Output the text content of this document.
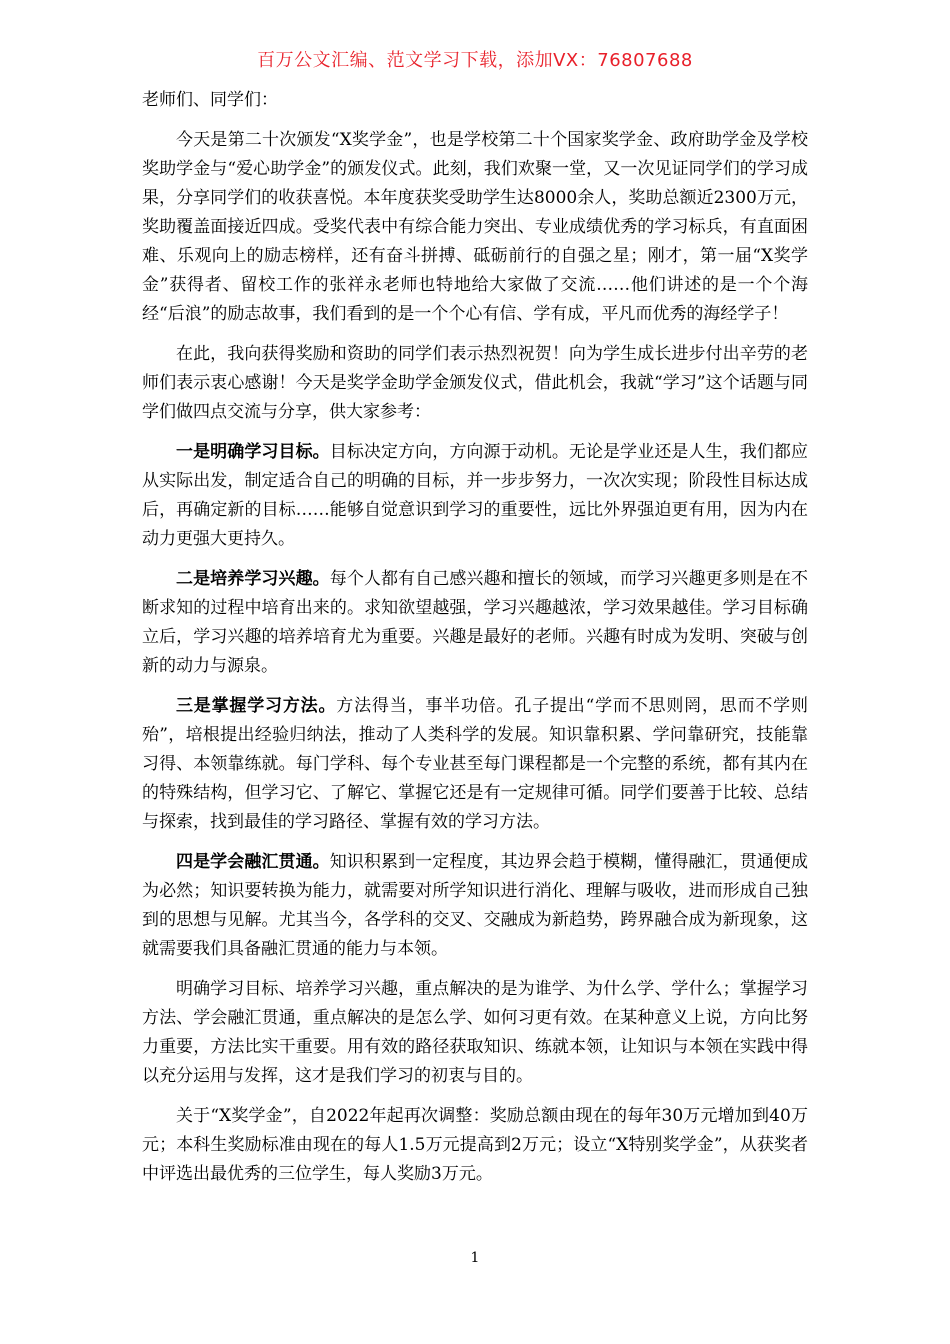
百万公文汇编、范文学习下载，添加VX：76807688
老师们、同学们：

今天是第二十次颁发“X奖学金”，也是学校第二十个国家奖学金、政府助学金及学校奖助学金与“爱心助学金”的颁发仪式。此刻，我们欢聚一堂，又一次见证同学们的学习成果，分享同学们的收获喜悦。本年度获奖受助学生达8000余人，奖助总额近2300万元，奖助覆盖面接近四成。受奖代表中有综合能力突出、专业成绩优秀的学习标兵，有直面困难、乐观向上的励志榜样，还有奋斗拼搏、砥砺前行的自强之星；刚才，第一届“X奖学金”获得者、留校工作的张祥永老师也特地给大家做了交流……他们讲述的是一个个海经“后浪”的励志故事，我们看到的是一个个心有信、学有成，平凡而优秀的海经学子！

在此，我向获得奖励和资助的同学们表示热烈祝贺！向为学生成长进步付出辛劳的老师们表示衷心感谢！今天是奖学金助学金颁发仪式，借此机会，我就“学习”这个话题与同学们做四点交流与分享，供大家参考：

一是明确学习目标。目标决定方向，方向源于动机。无论是学业还是人生，我们都应从实际出发，制定适合自己的明确的目标，并一步步努力，一次次实现；阶段性目标达成后，再确定新的目标……能够自觉意识到学习的重要性，远比外界强迫更有用，因为内在动力更强大更持久。

二是培养学习兴趣。每个人都有自己感兴趣和擅长的领域，而学习兴趣更多则是在不断求知的过程中培育出来的。求知欲望越强，学习兴趣越浓，学习效果越佳。学习目标确立后，学习兴趣的培养培育尤为重要。兴趣是最好的老师。兴趣有时成为发明、突破与创新的动力与源泉。

三是掌握学习方法。方法得当，事半功倍。孔子提出“学而不思则罔，思而不学则殆”，培根提出经验归纳法，推动了人类科学的发展。知识靠积累、学问靠研究，技能靠习得、本领靠练就。每门学科、每个专业甚至每门课程都是一个完整的系统，都有其内在的特殊结构，但学习它、了解它、掌握它还是有一定规律可循。同学们要善于比较、总结与探索，找到最佳的学习路径、掌握有效的学习方法。

四是学会融汇贯通。知识积累到一定程度，其边界会趋于模糊，懂得融汇，贯通便成为必然；知识要转换为能力，就需要对所学知识进行消化、理解与吸收，进而形成自己独到的思想与见解。尤其当今，各学科的交叉、交融成为新趋势，跨界融合成为新现象，这就需要我们具备融汇贯通的能力与本领。

明确学习目标、培养学习兴趣，重点解决的是为谁学、为什么学、学什么；掌握学习方法、学会融汇贯通，重点解决的是怎么学、如何习更有效。在某种意义上说，方向比努力重要，方法比实干重要。用有效的路径获取知识、练就本领，让知识与本领在实践中得以充分运用与发挥，这才是我们学习的初衷与目的。

关于“X奖学金”，自2022年起再次调整：奖励总额由现在的每年30万元增加到40万元；本科生奖励标准由现在的每人1.5万元提高到2万元；设立“X特别奖学金”，从获奖者中评选出最优秀的三位学生，每人奖励3万元。

1
